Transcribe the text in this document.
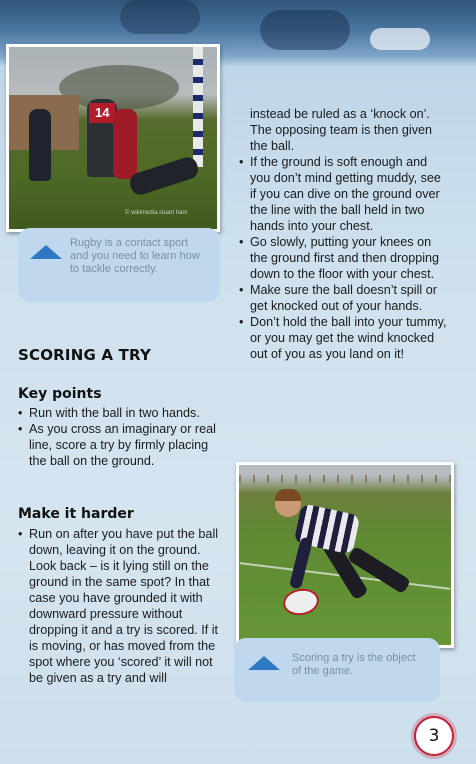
14
© wikimedia.stuart ham
Rugby is a contact sport and you need to learn how to tackle correctly.
SCORING A TRY
Key points
• Run with the ball in two hands.
• As you cross an imaginary or real line, score a try by firmly placing the ball on the ground.
Make it harder
• Run on after you have put the ball down, leaving it on the ground. Look back – is it lying still on the ground in the same spot? In that case you have grounded it with downward pressure without dropping it and a try is scored. If it is moving, or has moved from the spot where you ‘scored’ it will not be given as a try and will
instead be ruled as a ‘knock on’. The opposing team is then given the ball.
• If the ground is soft enough and you don’t mind getting muddy, see if you can dive on the ground over the line with the ball held in two hands into your chest.
• Go slowly, putting your knees on the ground first and then dropping down to the floor with your chest.
• Make sure the ball doesn’t spill or get knocked out of your hands.
• Don’t hold the ball into your tummy, or you may get the wind knocked out of you as you land on it!
Scoring a try is the object of the game.
3
